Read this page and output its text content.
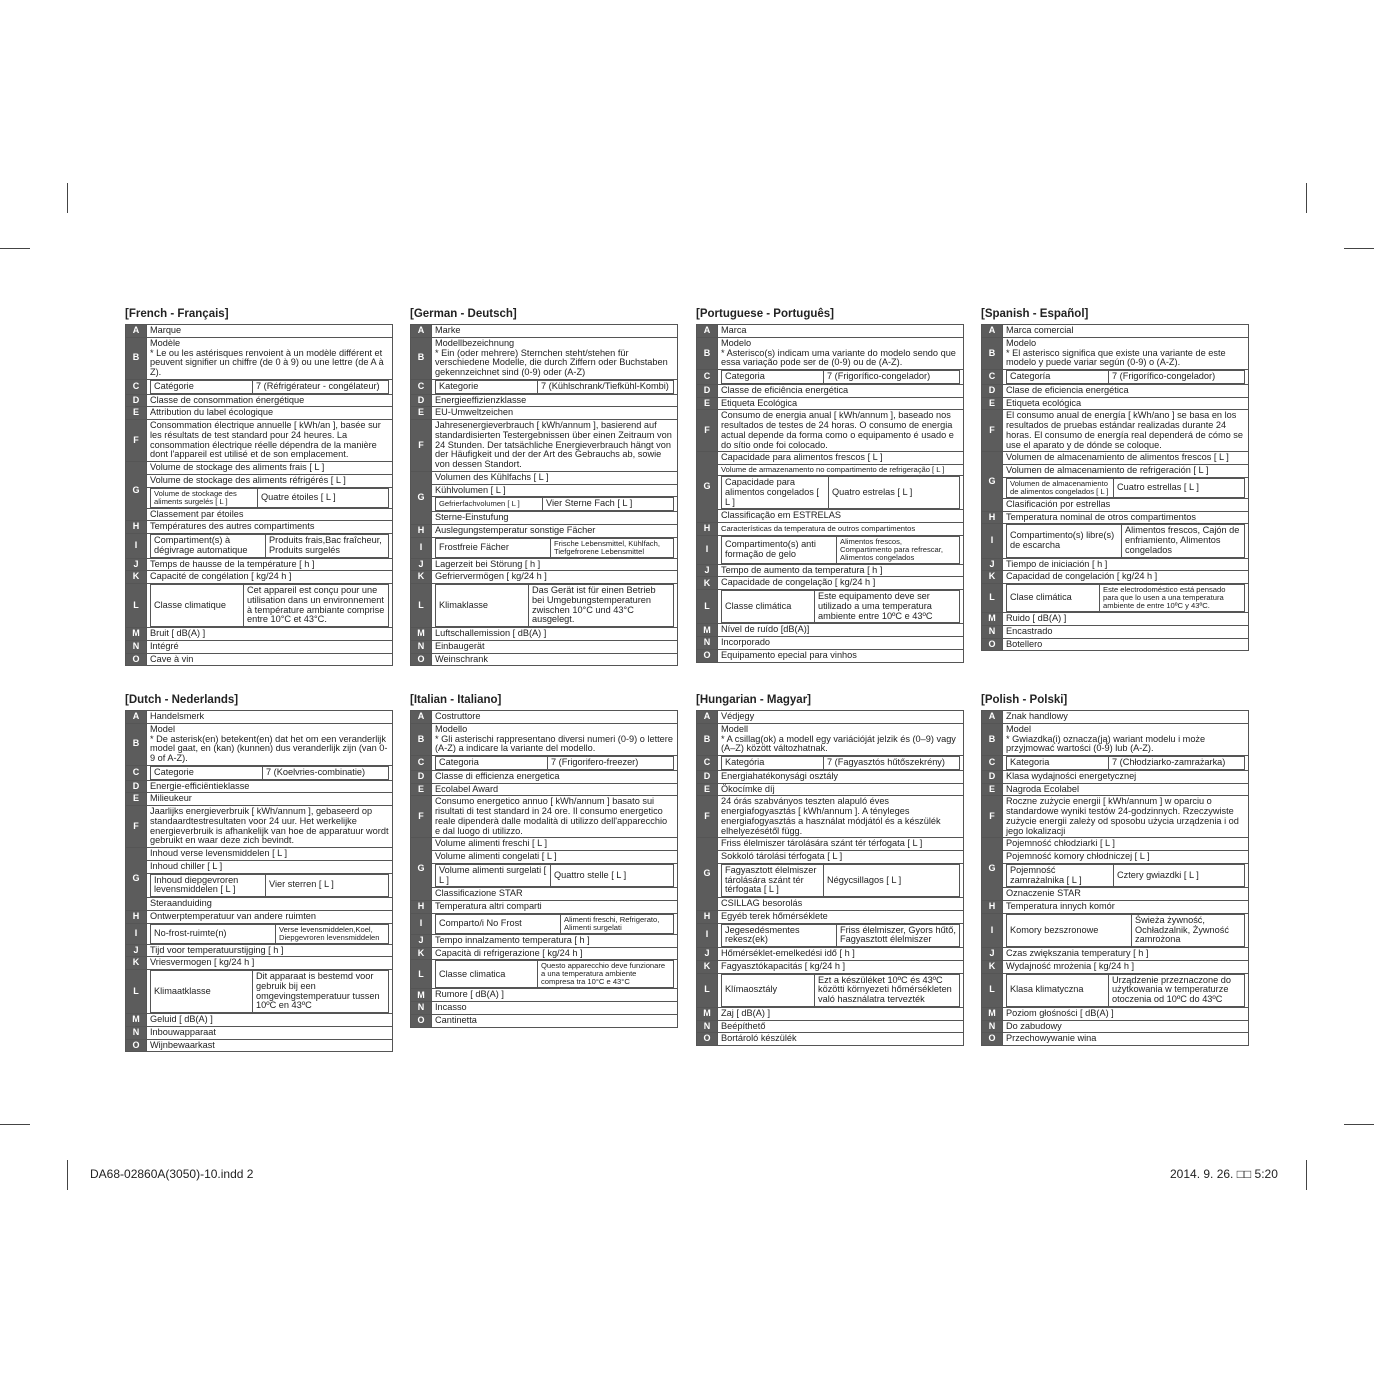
[French - Français]
A	Marque
B	Modèle
* Le ou les astérisques renvoient à un modèle différent et peuvent signifier un chiffre (de 0 à 9) ou une lettre (de A à Z).
C	Catégorie	7 (Réfrigérateur - congélateur)

D	Classe de consommation énergétique
E	Attribution du label écologique
F	Consommation électrique annuelle [ kWh/an ], basée sur les résultats de test standard pour 24 heures. La consommation électrique réelle dépendra de la manière dont l'appareil est utilisé et de son emplacement.
G	Volume de stockage des aliments frais [ L ]
Volume de stockage des aliments réfrigérés [ L ]

Volume de stockage des aliments surgelés [ L ]	Quatre étoiles [ L ]

Classement par étoiles
H	Températures des autres compartiments
I	Compartiment(s) à dégivrage automatique	Produits frais,Bac fraîcheur, Produits surgelés

J	Temps de hausse de la température [ h ]
K	Capacité de congélation [ kg/24 h ]
L	Classe climatique	Cet appareil est conçu pour une utilisation dans un environnement à température ambiante comprise entre 10°C et 43°C.

M	Bruit [ dB(A) ]
N	Intégré
O	Cave à vin
[German - Deutsch]
A	Marke
B	Modellbezeichnung
* Ein (oder mehrere) Sternchen steht/stehen für verschiedene Modelle, die durch Ziffern oder Buchstaben gekennzeichnet sind (0-9) oder (A-Z)
C	Kategorie	7 (Kühlschrank/Tiefkühl-Kombi)

D	Energieeffizienzklasse
E	EU-Umweltzeichen
F	Jahresenergieverbrauch [ kWh/annum ], basierend auf standardisierten Testergebnissen über einen Zeitraum von 24 Stunden. Der tatsächliche Energieverbrauch hängt von der Häufigkeit und der der Art des Gebrauchs ab, sowie von dessen Standort.
G	Volumen des Kühlfachs [ L ]
Kühlvolumen [ L ]

Gefrierfachvolumen [ L ]	Vier Sterne Fach [ L ]

Sterne-Einstufung
H	Auslegungstemperatur sonstige Fächer
I	Frostfreie Fächer	Frische Lebensmittel, Kühlfach, Tiefgefrorene Lebensmittel

J	Lagerzeit bei Störung [ h ]
K	Gefriervermögen [ kg/24 h ]
L	Klimaklasse	Das Gerät ist für einen Betrieb bei Umgebungstemperaturen zwischen 10°C und 43°C ausgelegt.

M	Luftschallemission [ dB(A) ]
N	Einbaugerät
O	Weinschrank
[Portuguese - Português]
A	Marca
B	Modelo
* Asterisco(s) indicam uma variante do modelo sendo que essa variação pode ser de (0-9) ou de (A-Z).
C	Categoria	7 (Frigorífico-congelador)

D	Classe de eficiência energética
E	Etiqueta Ecológica
F	Consumo de energia anual [ kWh/annum ], baseado nos resultados de testes de 24 horas. O consumo de energia actual depende da forma como o equipamento é usado e do sítio onde foi colocado.
G	Capacidade para alimentos frescos [ L ]
Volume de armazenamento no compartimento de refrigeração [ L ]

Capacidade para alimentos congelados [ L ]	Quatro estrelas [ L ]

Classificação em ESTRELAS
H	Características da temperatura de outros compartimentos
I	Compartimento(s) anti formação de gelo	Alimentos frescos, Compartimento para refrescar, Alimentos congelados

J	Tempo de aumento da temperatura [ h ]
K	Capacidade de congelação [ kg/24 h ]
L	Classe climática	Este equipamento deve ser utilizado a uma temperatura ambiente entre 10ºC e 43ºC

M	Nível de ruído [dB(A)]
N	Incorporado
O	Equipamento epecial para vinhos
[Spanish - Español]
A	Marca comercial
B	Modelo
* El asterisco significa que existe una variante de este modelo y puede variar según (0-9) o (A-Z).
C	Categoría	7 (Frigorífico-congelador)

D	Clase de eficiencia energética
E	Etiqueta ecológica
F	El consumo anual de energía [ kWh/ano ] se basa en los resultados de pruebas estándar realizadas durante 24 horas. El consumo de energía real dependerá de cómo se use el aparato y de dónde se coloque.
G	Volumen de almacenamiento de alimentos frescos [ L ]
Volumen de almacenamiento de refrigeración [ L ]

Volumen de almacenamiento de alimentos congelados [ L ]	Cuatro estrellas [ L ]

Clasificación por estrellas
H	Temperatura nominal de otros compartimentos
I	Compartimento(s) libre(s) de escarcha	Alimentos frescos, Cajón de enfriamiento, Alimentos congelados

J	Tiempo de iniciación [ h ]
K	Capacidad de congelación [ kg/24 h ]
L	Clase climática	Este electrodoméstico está pensado para que lo usen a una temperatura ambiente de entre 10ºC y 43ºC.

M	Ruido [ dB(A) ]
N	Encastrado
O	Botellero
[Dutch - Nederlands]
A	Handelsmerk
B	Model
* De asterisk(en) betekent(en) dat het om een veranderlijk model gaat, en (kan) (kunnen) dus veranderlijk zijn (van 0-9 of A-Z).
C	Categorie	7 (Koelvries-combinatie)

D	Energie-efficiëntieklasse
E	Milieukeur
F	Jaarlijks energieverbruik [ kWh/annum ], gebaseerd op standaardtestresultaten voor 24 uur. Het werkelijke energieverbruik is afhankelijk van hoe de apparatuur wordt gebruikt en waar deze zich bevindt.
G	Inhoud verse levensmiddelen [ L ]
Inhoud chiller [ L ]

Inhoud diepgevroren levensmiddelen [ L ]	Vier sterren [ L ]

Steraanduiding
H	Ontwerptemperatuur van andere ruimten
I	No-frost-ruimte(n)	Verse levensmiddelen,Koel, Diepgevroren levensmiddelen

J	Tijd voor temperatuurstijging [ h ]
K	Vriesvermogen [ kg/24 h ]
L	Klimaatklasse	Dit apparaat is bestemd voor gebruik bij een omgevingstemperatuur tussen 10ºC en 43ºC

M	Geluid [ dB(A) ]
N	Inbouwapparaat
O	Wijnbewaarkast
[Italian - Italiano]
A	Costruttore
B	Modello
* Gli asterischi rappresentano diversi numeri (0-9) o lettere (A-Z) a indicare la variante del modello.
C	Categoria	7 (Frigorifero-freezer)

D	Classe di efficienza energetica
E	Ecolabel Award
F	Consumo energetico annuo [ kWh/annum ] basato sui risultati di test standard in 24 ore. Il consumo energetico reale dipenderà dalle modalità di utilizzo dell'apparecchio e dal luogo di utilizzo.
G	Volume alimenti freschi [ L ]
Volume alimenti congelati [ L ]

Volume alimenti surgelati [ L ]	Quattro stelle [ L ]

Classificazione STAR
H	Temperatura altri comparti
I	Comparto/i No Frost	Alimenti freschi, Refrigerato, Alimenti surgelati

J	Tempo innalzamento temperatura [ h ]
K	Capacità di refrigerazione [ kg/24 h ]
L	Classe climatica	Questo apparecchio deve funzionare a una temperatura ambiente compresa tra 10°C e 43°C

M	Rumore [ dB(A) ]
N	Incasso
O	Cantinetta
[Hungarian - Magyar]
A	Védjegy
B	Modell
* A csillag(ok) a modell egy variációját jelzik és (0–9) vagy (A–Z) között változhatnak.
C	Kategória	7 (Fagyasztós hűtőszekrény)

D	Energiahatékonysági osztály
E	Ökocímke díj
F	24 órás szabványos teszten alapuló éves energiafogyasztás [ kWh/annum ]. A tényleges energiafogyasztás a használat módjától és a készülék elhelyezésétől függ.
G	Friss élelmiszer tárolására szánt tér térfogata [ L ]
Sokkoló tárolási térfogata [ L ]

Fagyasztott élelmiszer tárolására szánt tér térfogata [ L ]	Négycsillagos [ L ]

CSILLAG besorolás
H	Egyéb terek hőmérséklete
I	Jegesedésmentes rekesz(ek)	Friss élelmiszer, Gyors hűtő, Fagyasztott élelmiszer

J	Hőmérséklet-emelkedési idő [ h ]
K	Fagyasztókapacitás [ kg/24 h ]
L	Klímaosztály	Ezt a készüléket 10ºC és 43ºC közötti környezeti hőmérsékleten való használatra tervezték

M	Zaj [ dB(A) ]
N	Beépíthető
O	Bortároló készülék
[Polish - Polski]
A	Znak handlowy
B	Model
* Gwiazdka(i) oznacza(ją) wariant modelu i może przyjmować wartości (0-9) lub (A-Z).
C	Kategoria	7 (Chłodziarko-zamrażarka)

D	Klasa wydajności energetycznej
E	Nagroda Ecolabel
F	Roczne zużycie energii [ kWh/annum ] w oparciu o standardowe wyniki testów 24-godzinnych. Rzeczywiste zużycie energii zależy od sposobu użycia urządzenia i od jego lokalizacji
G	Pojemność chłodziarki [ L ]
Pojemność komory chłodniczej [ L ]

Pojemność zamrażalnika [ L ]	Cztery gwiazdki [ L ]

Oznaczenie STAR
H	Temperatura innych komór
I	Komory bezszronowe	Świeża żywność, Ochładzalnik, Żywność zamrożona

J	Czas zwiększania temperatury [ h ]
K	Wydajność mrożenia [ kg/24 h ]
L	Klasa klimatyczna	Urządzenie przeznaczone do użytkowania w temperaturze otoczenia od 10ºC do 43ºC

M	Poziom głośności [ dB(A) ]
N	Do zabudowy
O	Przechowywanie wina
DA68-02860A(3050)-10.indd 2	2014. 9. 26. □□ 5:20
